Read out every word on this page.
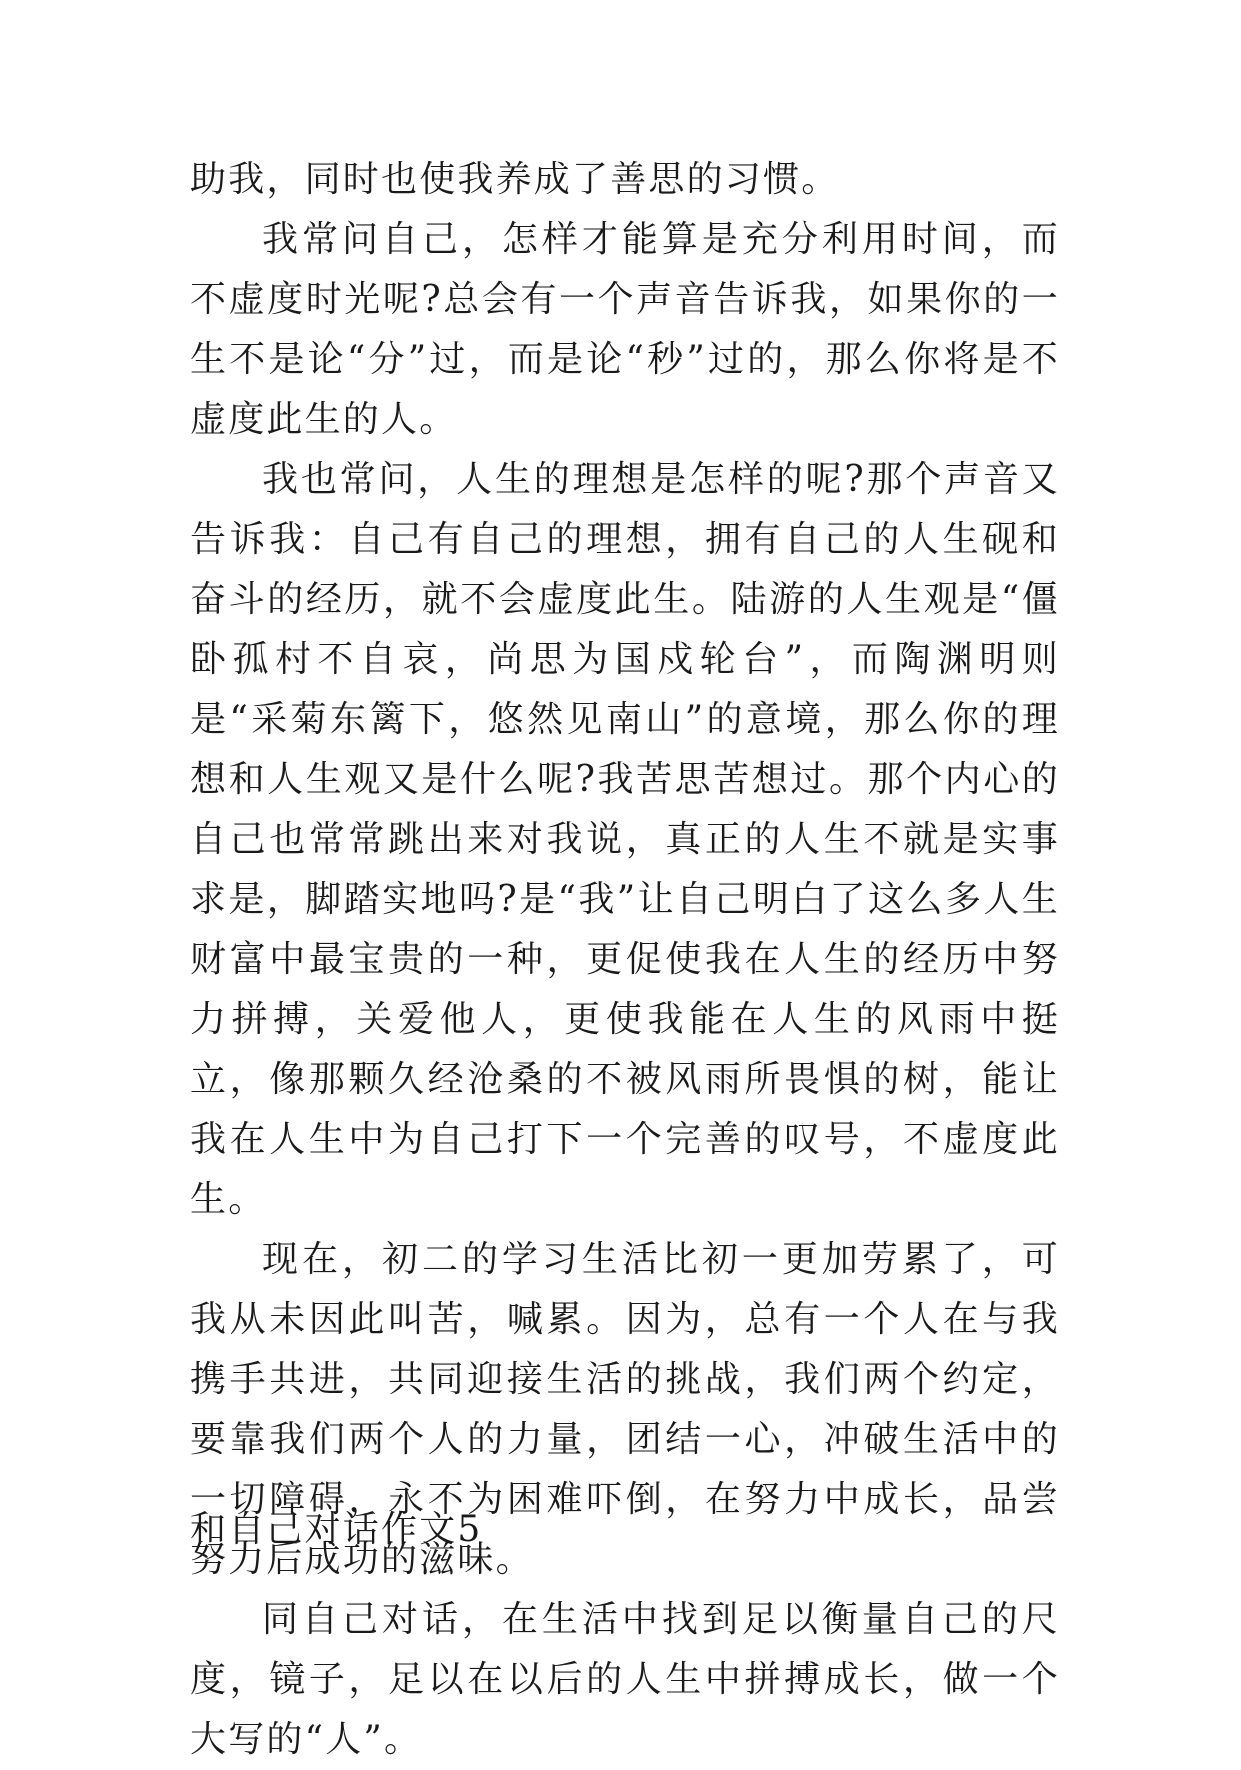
助我，同时也使我养成了善思的习惯。

我常问自己，怎样才能算是充分利用时间，而不虚度时光呢?总会有一个声音告诉我，如果你的一生不是论“分”过，而是论“秒”过的，那么你将是不虚度此生的人。

我也常问，人生的理想是怎样的呢?那个声音又告诉我：自己有自己的理想，拥有自己的人生砚和奋斗的经历，就不会虚度此生。陆游的人生观是“僵卧孤村不自哀，尚思为国戍轮台”，而陶渊明则是“采菊东篱下，悠然见南山”的意境，那么你的理想和人生观又是什么呢?我苦思苦想过。那个内心的自己也常常跳出来对我说，真正的人生不就是实事求是，脚踏实地吗?是“我”让自己明白了这么多人生财富中最宝贵的一种，更促使我在人生的经历中努力拼搏，关爱他人，更使我能在人生的风雨中挺立，像那颗久经沧桑的不被风雨所畏惧的树，能让我在人生中为自己打下一个完善的叹号，不虚度此生。

现在，初二的学习生活比初一更加劳累了，可我从未因此叫苦，喊累。因为，总有一个人在与我携手共进，共同迎接生活的挑战，我们两个约定，要靠我们两个人的力量，团结一心，冲破生活中的一切障碍，永不为困难吓倒，在努力中成长，品尝努力后成功的滋味。

同自己对话，在生活中找到足以衡量自己的尺度，镜子，足以在以后的人生中拼搏成长，做一个大写的“人”。

和自己对话作文5
